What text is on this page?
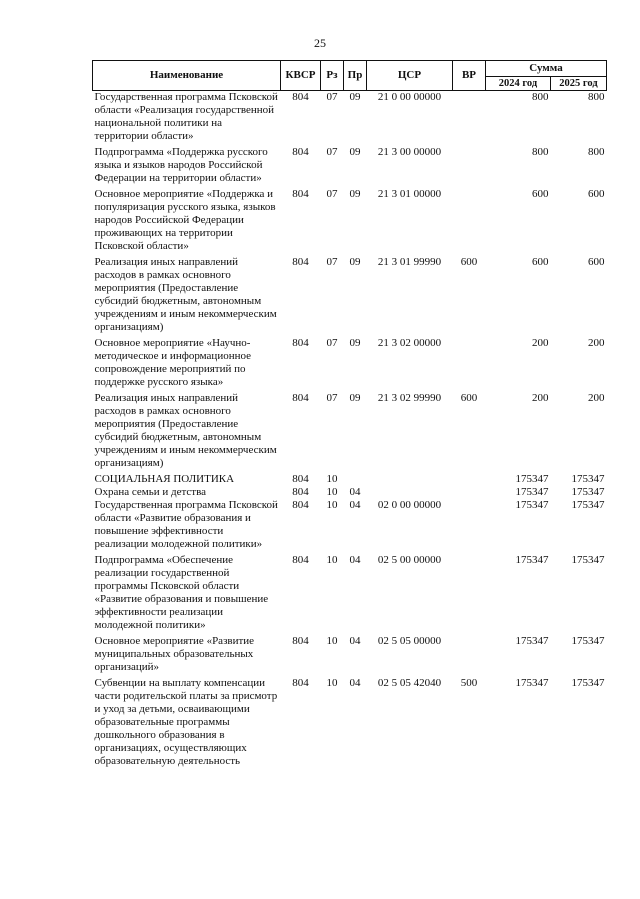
25
Наименование	КВСР	Рз	Пр	ЦСР	ВР	Сумма	
						2024 год	2025 год
Государственная программа Псковской области «Реализация государственной национальной политики на территории области»	804	07	09	21 0 00 00000		800	800
Подпрограмма «Поддержка русского языка и языков народов Российской Федерации на территории области»	804	07	09	21 3 00 00000		800	800
Основное мероприятие «Поддержка и популяризация русского языка, языков народов Российской Федерации проживающих на территории Псковской области»	804	07	09	21 3 01 00000		600	600
Реализация иных направлений расходов в рамках основного мероприятия (Предоставление субсидий бюджетным, автономным учреждениям и иным некоммерческим организациям)	804	07	09	21 3 01 99990	600	600	600
Основное мероприятие «Научно-методическое и информационное сопровождение мероприятий по поддержке русского языка»	804	07	09	21 3 02 00000		200	200
Реализация иных направлений расходов в рамках основного мероприятия (Предоставление субсидий бюджетным, автономным учреждениям и иным некоммерческим организациям)	804	07	09	21 3 02 99990	600	200	200
СОЦИАЛЬНАЯ ПОЛИТИКА	804	10				175347	175347
Охрана семьи и детства	804	10	04			175347	175347
Государственная программа Псковской области «Развитие образования и повышение эффективности реализации молодежной политики»	804	10	04	02 0 00 00000		175347	175347
Подпрограмма «Обеспечение реализации государственной программы Псковской области «Развитие образования и повышение эффективности реализации молодежной политики»	804	10	04	02 5 00 00000		175347	175347
Основное мероприятие «Развитие муниципальных образовательных организаций»	804	10	04	02 5 05 00000		175347	175347
Субвенции на выплату компенсации части родительской платы за присмотр и уход за детьми, осваивающими образовательные программы дошкольного образования в организациях, осуществляющих образовательную деятельность	804	10	04	02 5 05 42040	500	175347	175347
